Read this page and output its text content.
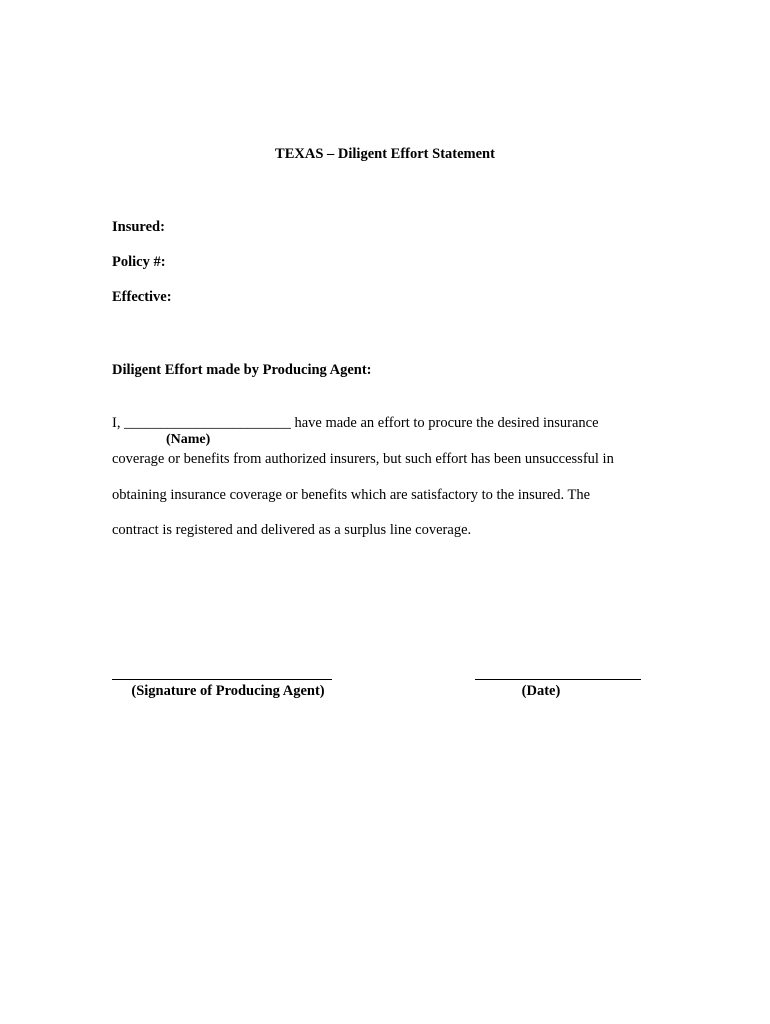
TEXAS – Diligent Effort Statement
Insured:
Policy #:
Effective:
Diligent Effort made by Producing Agent:
I, _______________________ have made an effort to procure the desired insurance
(Name)
coverage or benefits from authorized insurers, but such effort has been unsuccessful in
obtaining insurance coverage or benefits which are satisfactory to the insured. The
contract is registered and delivered as a surplus line coverage.
(Signature of Producing Agent)	(Date)
